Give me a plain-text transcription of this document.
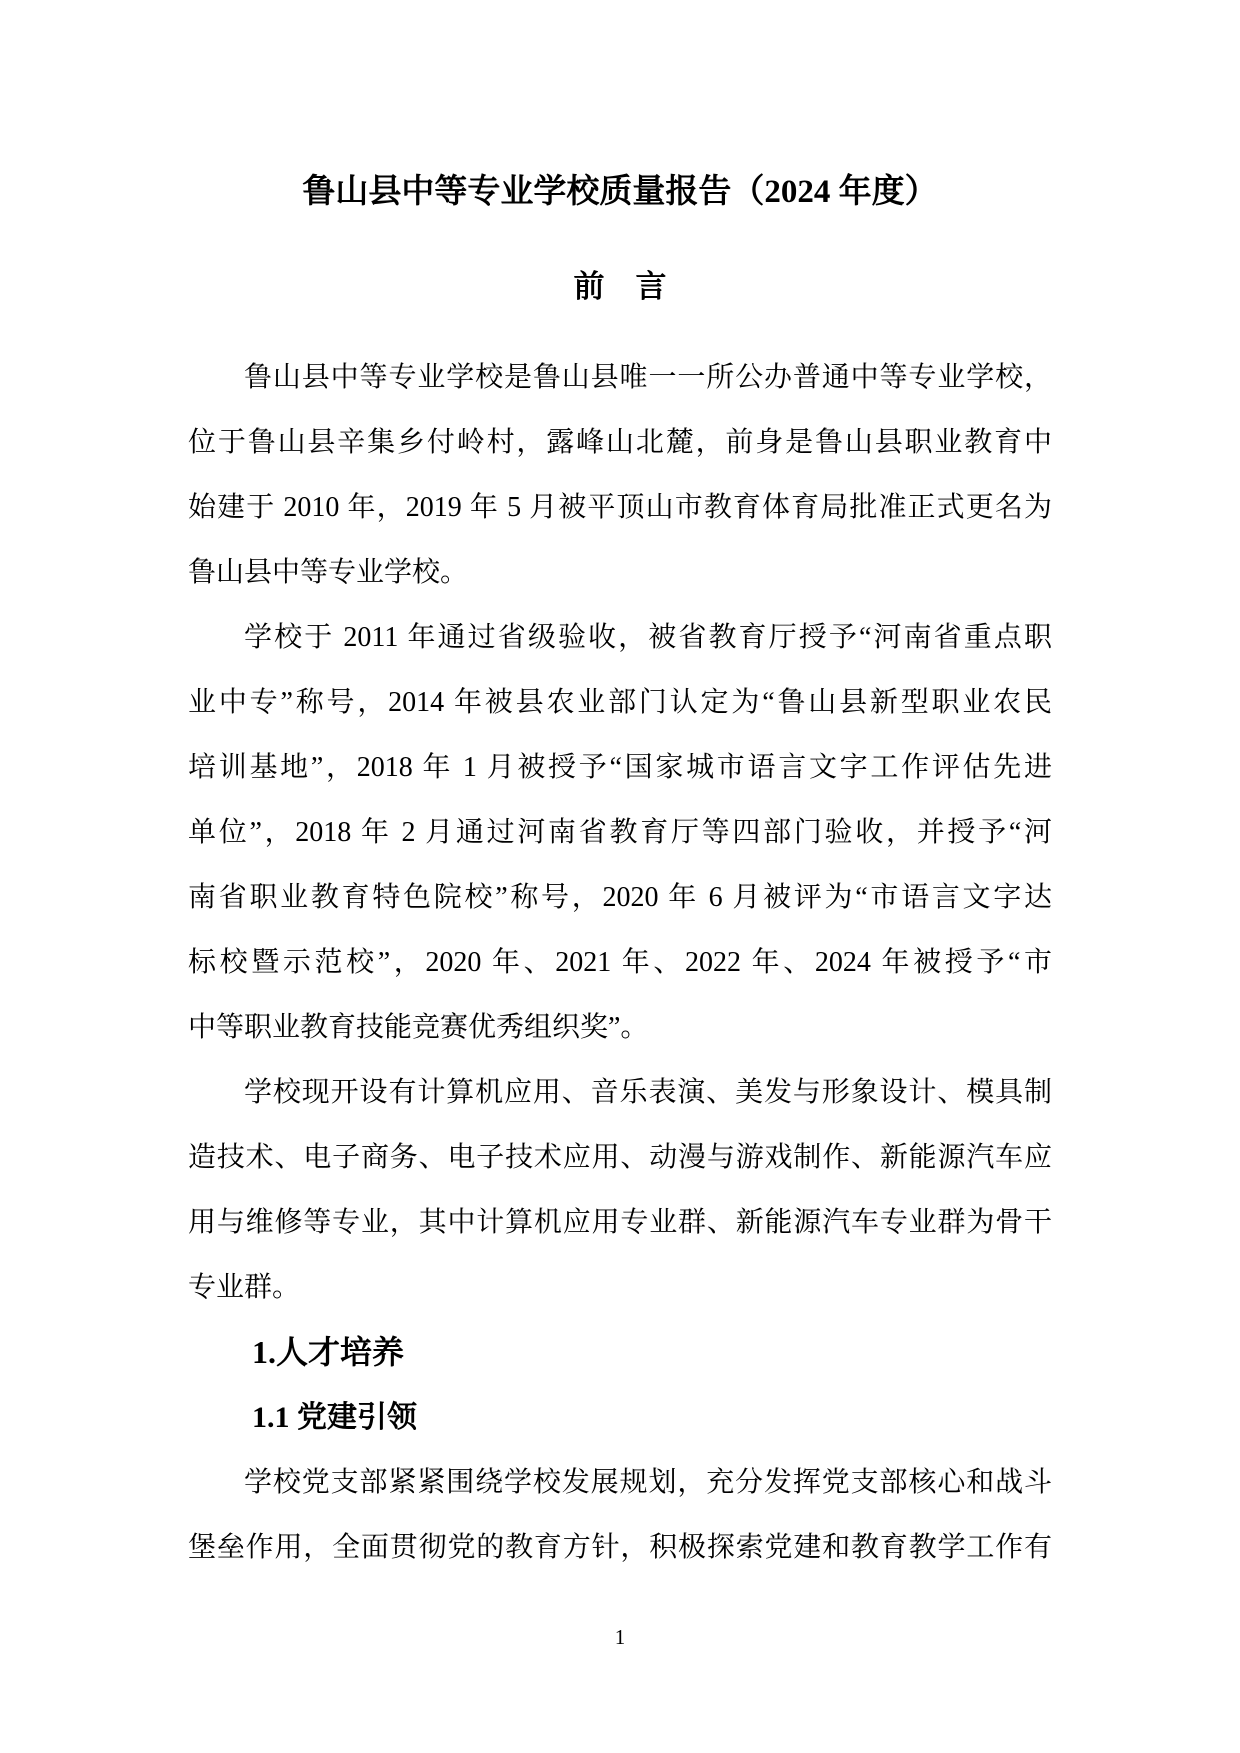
鲁山县中等专业学校质量报告（2024 年度）
前　言
鲁山县中等专业学校是鲁山县唯一一所公办普通中等专业学校，
位于鲁山县辛集乡付岭村，露峰山北麓，前身是鲁山县职业教育中
始建于 2010 年，2019 年 5 月被平顶山市教育体育局批准正式更名为
鲁山县中等专业学校。
学校于 2011 年通过省级验收，被省教育厅授予“河南省重点职
业中专”称号，2014 年被县农业部门认定为“鲁山县新型职业农民
培训基地”，2018 年 1 月被授予“国家城市语言文字工作评估先进
单位”，2018 年 2 月通过河南省教育厅等四部门验收，并授予“河
南省职业教育特色院校”称号，2020 年 6 月被评为“市语言文字达
标校暨示范校”，2020 年、2021 年、2022 年、2024 年被授予“市
中等职业教育技能竞赛优秀组织奖”。
学校现开设有计算机应用、音乐表演、美发与形象设计、模具制
造技术、电子商务、电子技术应用、动漫与游戏制作、新能源汽车应
用与维修等专业，其中计算机应用专业群、新能源汽车专业群为骨干
专业群。
1.人才培养
1.1 党建引领
学校党支部紧紧围绕学校发展规划，充分发挥党支部核心和战斗
堡垒作用，全面贯彻党的教育方针，积极探索党建和教育教学工作有
1
